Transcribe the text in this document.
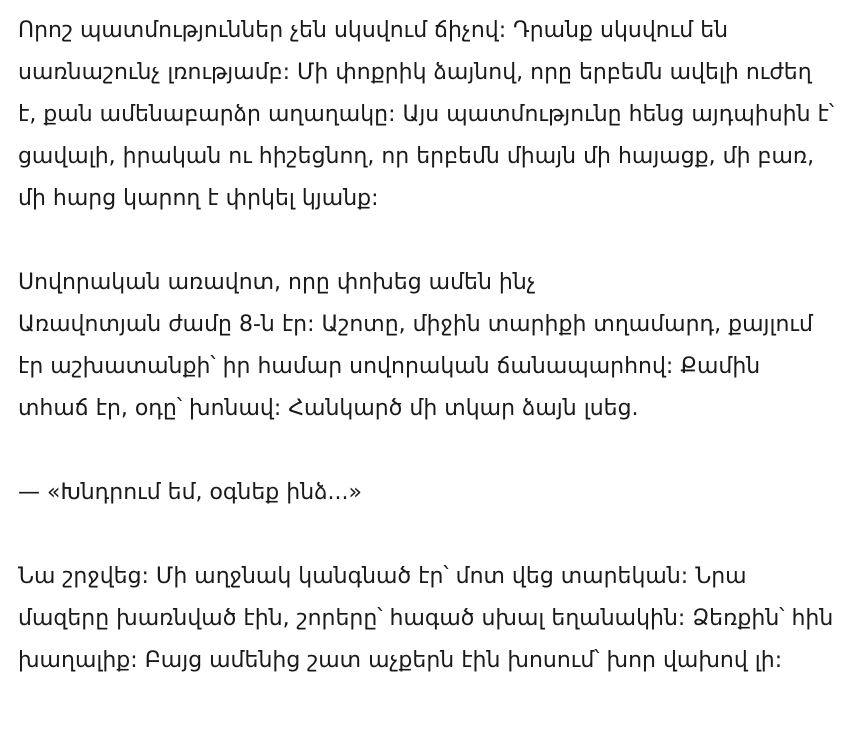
Որոշ պատմություններ չեն սկսվում ճիչով: Դրանք սկսվում են սառնաշունչ լռությամբ: Մի փոքրիկ ձայնով, որը երբեմն ավելի ուժեղ է, քան ամենաբարձր աղաղակը: Այս պատմությունը հենց այդպիսին է՝ ցավալի, իրական ու հիշեցնող, որ երբեմն միայն մի հայացք, մի բառ, մի հարց կարող է փրկել կյանք:

Սովորական առավոտ, որը փոխեց ամեն ինչ

Առավոտյան ժամը 8-ն էր: Աշոտը, միջին տարիքի տղամարդ, քայլում էր աշխատանքի՝ իր համար սովորական ճանապարհով: Քամին տհաճ էր, օդը՝ խոնավ: Հանկարծ մի տկար ձայն լսեց.

— «Խնդրում եմ, օգնեք ինձ...»

Նա շրջվեց: Մի աղջնակ կանգնած էր՝ մոտ վեց տարեկան: Նրա մազերը խառնված էին, շորերը՝ հագած սխալ եղանակին: Ձեռքին՝ հին խաղալիք: Բայց ամենից շատ աչքերն էին խոսում՝ խոր վախով լի:
